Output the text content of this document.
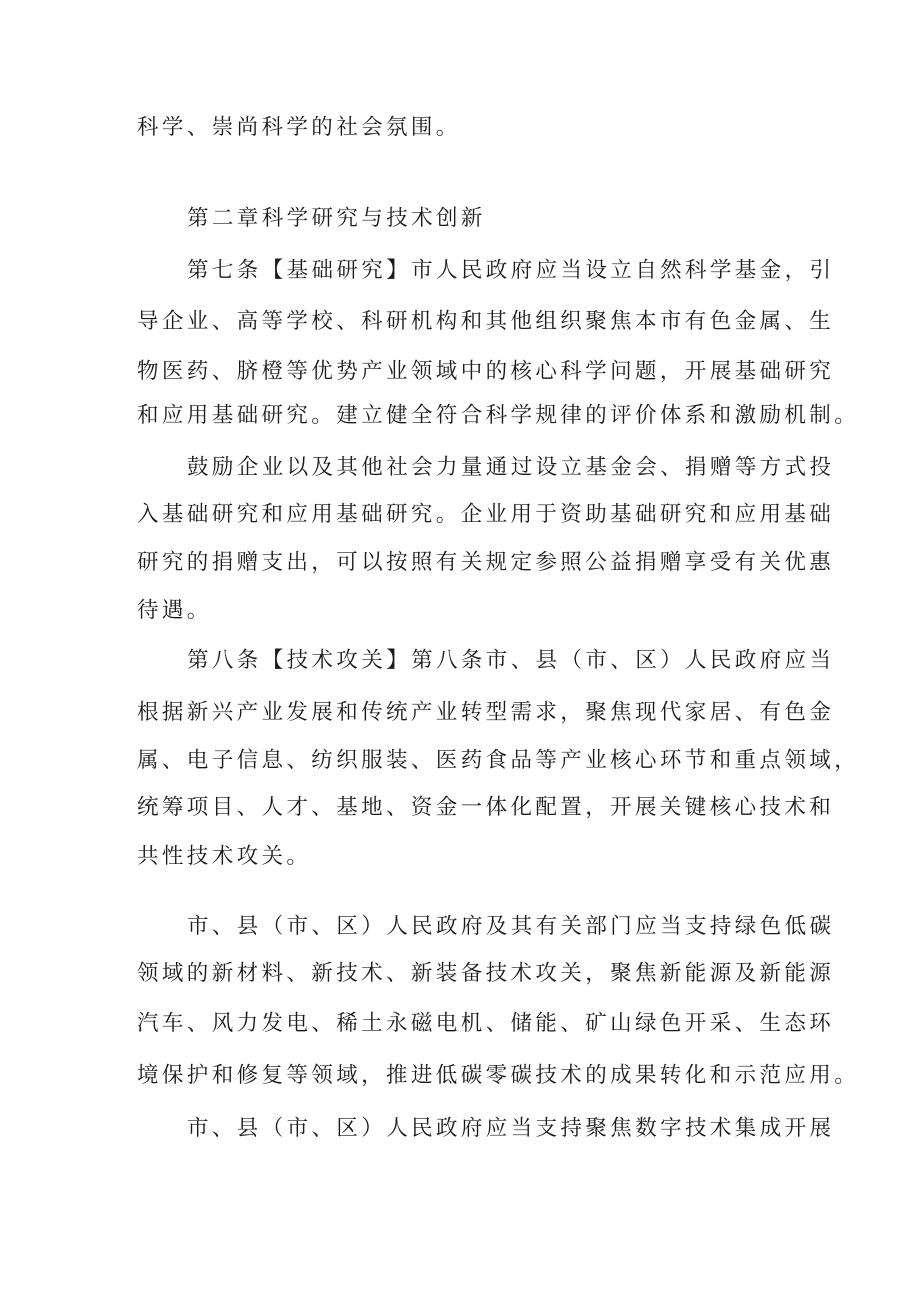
科学、崇尚科学的社会氛围。
第二章科学研究与技术创新
第七条【基础研究】市人民政府应当设立自然科学基金，引
导企业、高等学校、科研机构和其他组织聚焦本市有色金属、生
物医药、脐橙等优势产业领域中的核心科学问题，开展基础研究
和应用基础研究。建立健全符合科学规律的评价体系和激励机制。
鼓励企业以及其他社会力量通过设立基金会、捐赠等方式投
入基础研究和应用基础研究。企业用于资助基础研究和应用基础
研究的捐赠支出，可以按照有关规定参照公益捐赠享受有关优惠
待遇。
第八条【技术攻关】第八条市、县（市、区）人民政府应当
根据新兴产业发展和传统产业转型需求，聚焦现代家居、有色金
属、电子信息、纺织服装、医药食品等产业核心环节和重点领域，
统筹项目、人才、基地、资金一体化配置，开展关键核心技术和
共性技术攻关。
市、县（市、区）人民政府及其有关部门应当支持绿色低碳
领域的新材料、新技术、新装备技术攻关，聚焦新能源及新能源
汽车、风力发电、稀土永磁电机、储能、矿山绿色开采、生态环
境保护和修复等领域，推进低碳零碳技术的成果转化和示范应用。
市、县（市、区）人民政府应当支持聚焦数字技术集成开展
